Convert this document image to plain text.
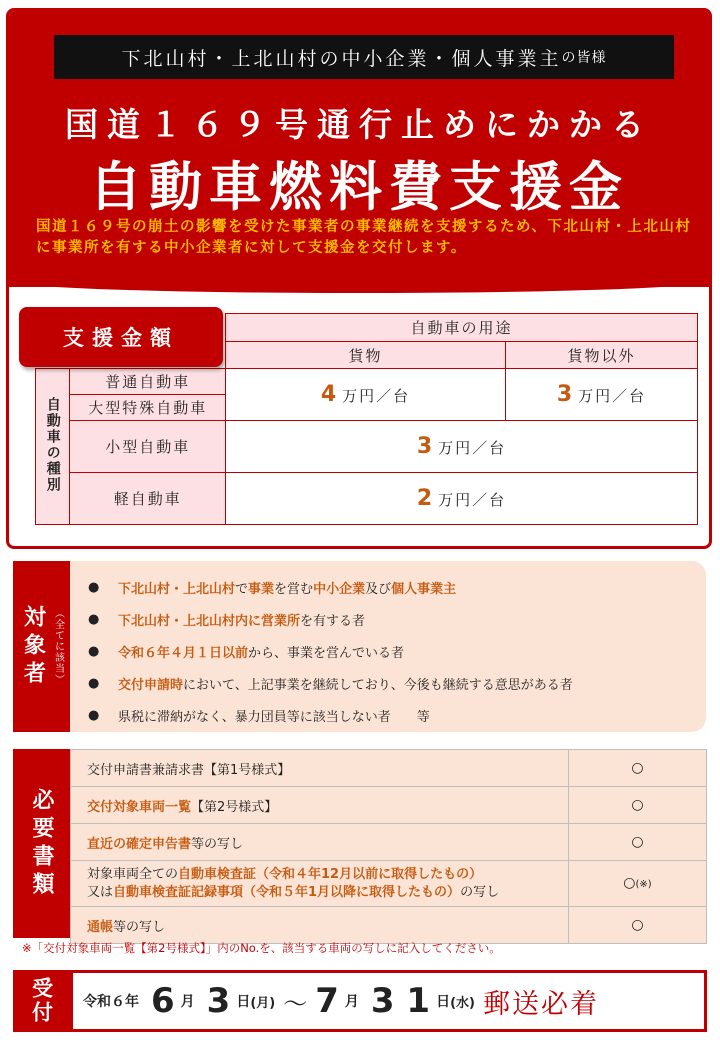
下北山村・上北山村の中小企業・個人事業主 の皆様
国道１６９号通行止めにかかる
自動車燃料費支援金
国道１６９号の崩土の影響を受けた事業者の事業継続を支援するため、下北山村・上北山村に事業所を有する中小企業者に対して支援金を交付します。
支援金額
		自動車の用途	
		貨物	貨物以外
自動車の種別	普通自動車	4 万円／台	3 万円／台
	大型特殊自動車		
	小型自動車	3 万円／台	
	軽自動車	2 万円／台	
対象者 （全てに該当）
●	下北山村・上北山村で事業を営む中小企業及び個人事業主
●	下北山村・上北山村内に営業所を有する者
●	令和６年４月１日以前から、事業を営んでいる者
●	交付申請時において、上記事業を継続しており、今後も継続する意思がある者
●	県税に滞納がなく、暴力団員等に該当しない者　　等
必要書類
交付申請書兼請求書【第1号様式】	○
交付対象車両一覧【第2号様式】	○
直近の確定申告書等の写し	○

対象車両全ての自動車検査証（令和４年12月以前に取得したもの）
又は自動車検査証記録事項（令和５年1月以降に取得したもの）の写し	○(※)
通帳等の写し	○
※「交付対象車両一覧【第2号様式】」内のNo.を、該当する車両の写しに記入してください。
受付 令和６年 6 月 3 日 (月) ～ 7 月 3 1 日 (水) 郵送必着
